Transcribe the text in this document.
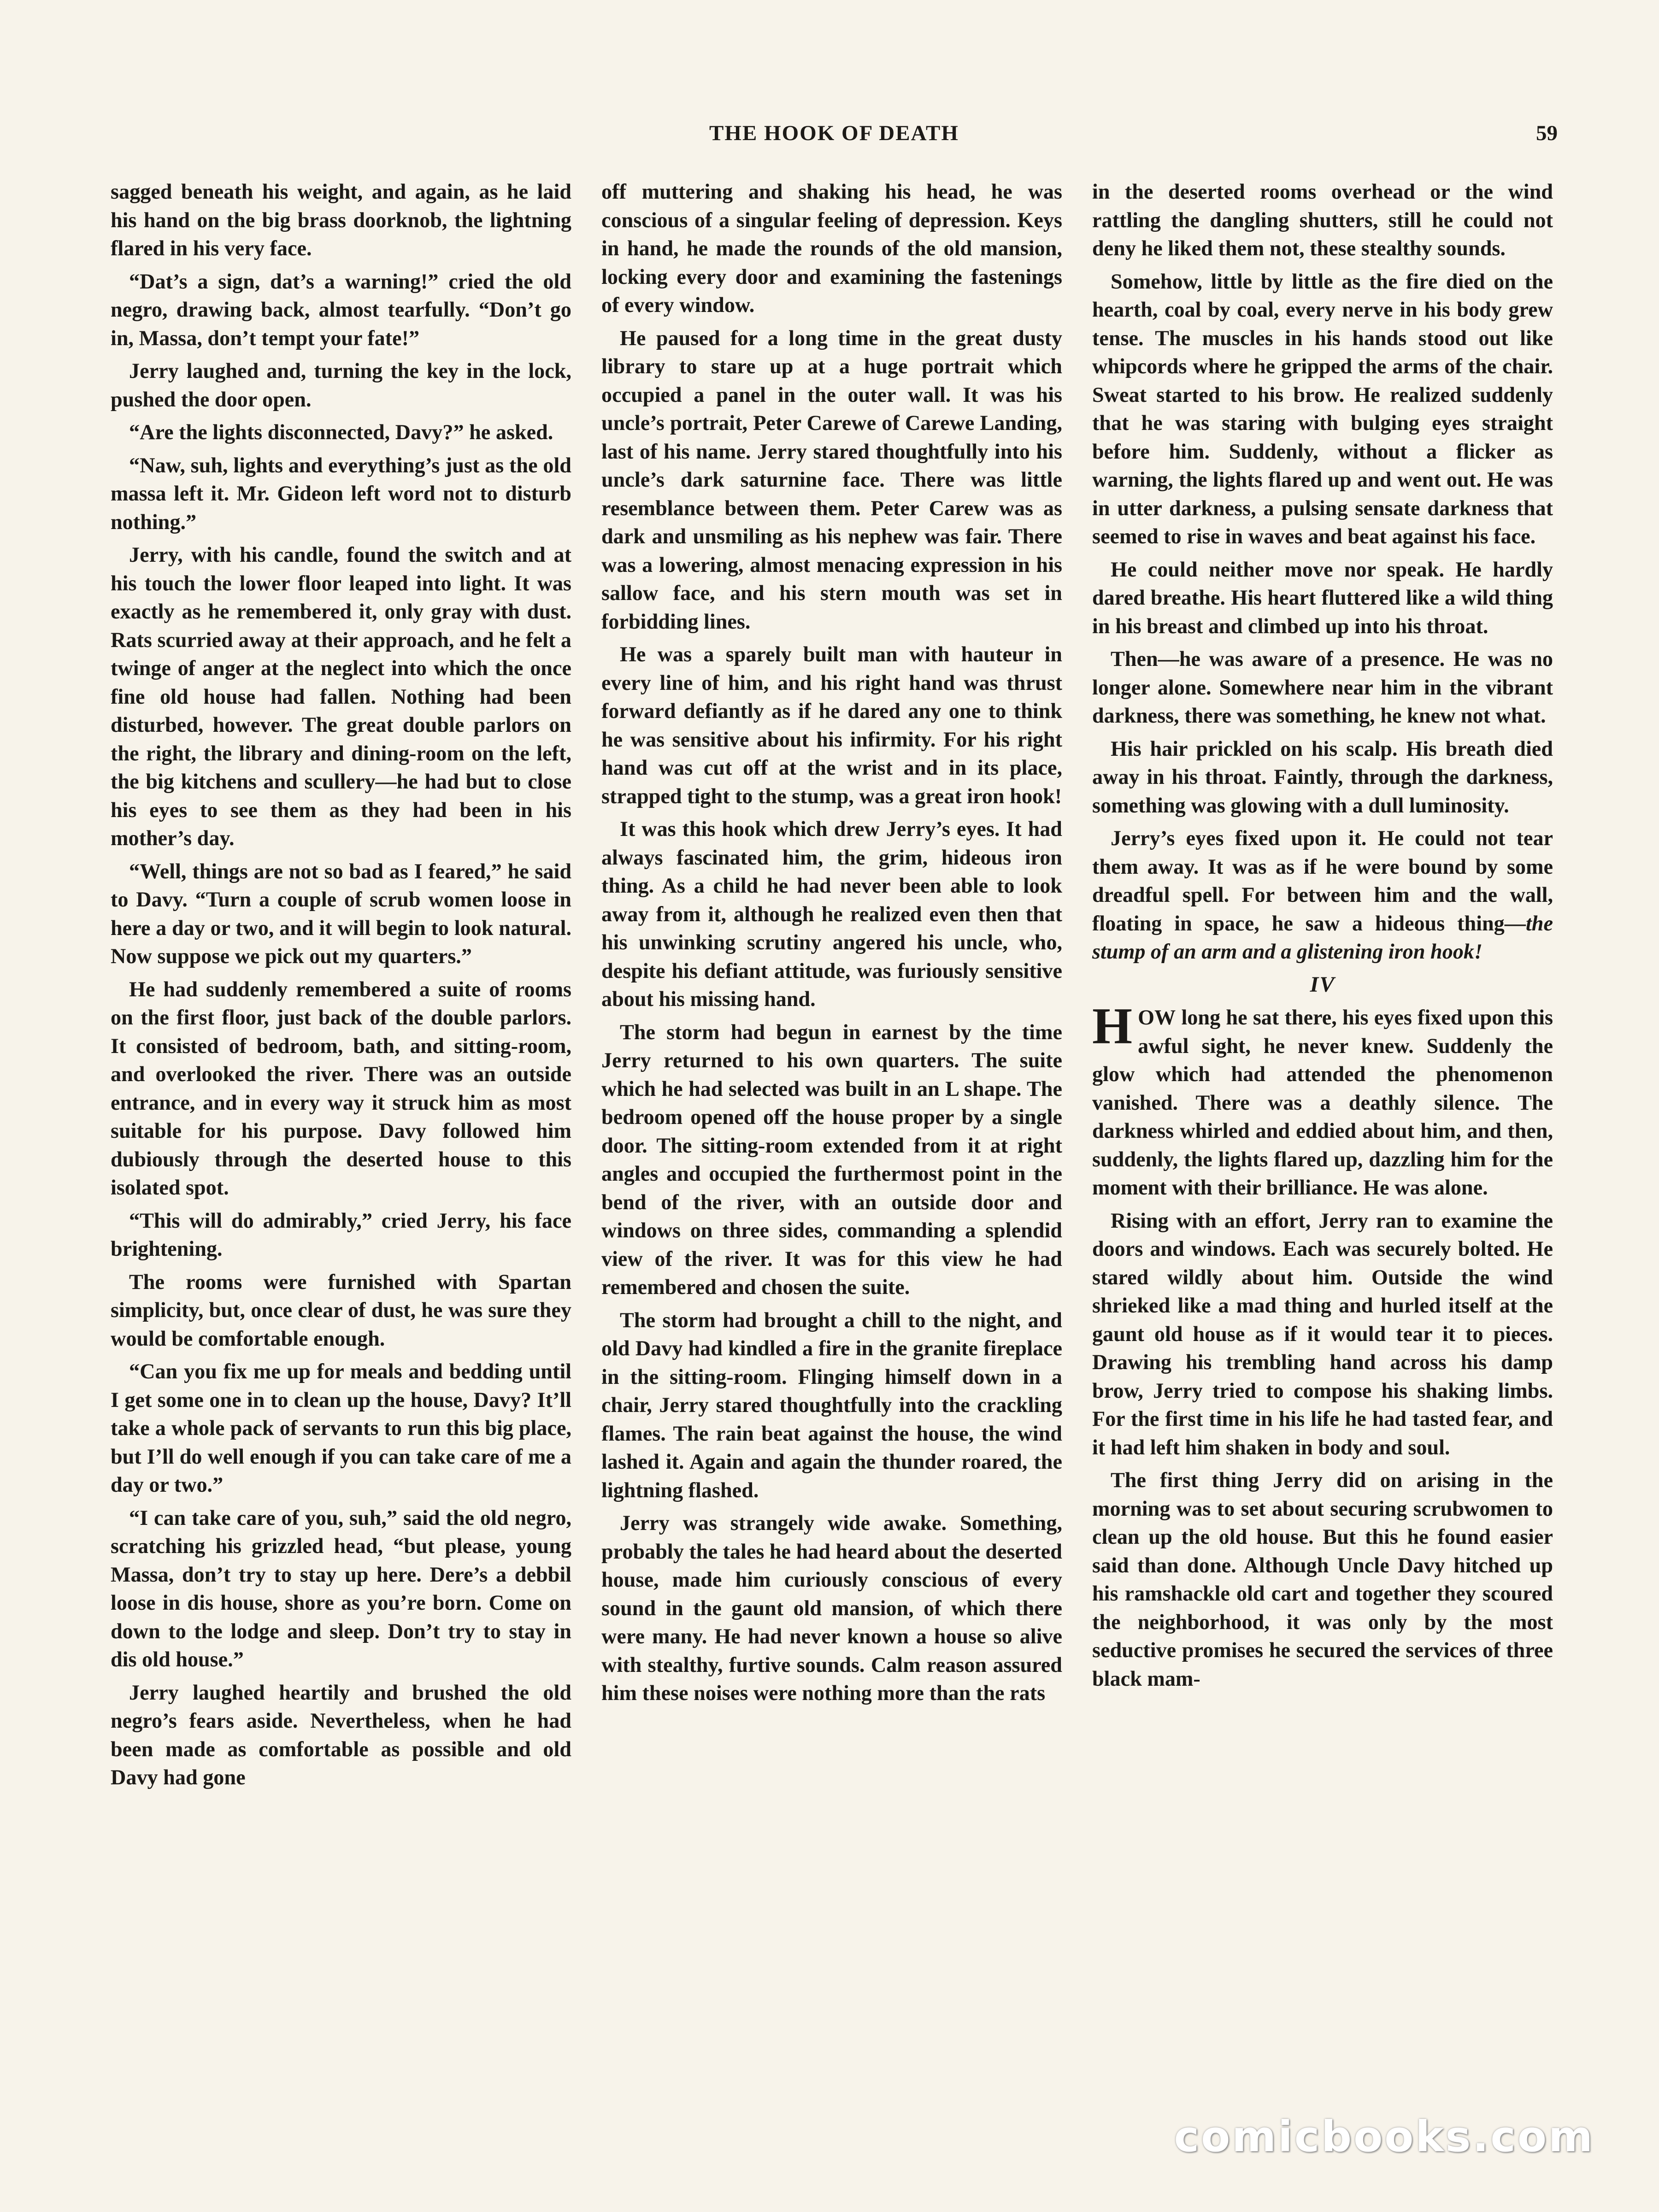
THE HOOK OF DEATH	59

sagged beneath his weight, and again, as he laid his hand on the big brass doorknob, the lightning flared in his very face.

“Dat’s a sign, dat’s a warning!” cried the old negro, drawing back, almost tearfully. “Don’t go in, Massa, don’t tempt your fate!”

Jerry laughed and, turning the key in the lock, pushed the door open.

“Are the lights disconnected, Davy?” he asked.

“Naw, suh, lights and everything’s just as the old massa left it. Mr. Gideon left word not to disturb nothing.”

Jerry, with his candle, found the switch and at his touch the lower floor leaped into light. It was exactly as he remembered it, only gray with dust. Rats scurried away at their approach, and he felt a twinge of anger at the neglect into which the once fine old house had fallen. Nothing had been disturbed, however. The great double parlors on the right, the library and dining-room on the left, the big kitchens and scullery—he had but to close his eyes to see them as they had been in his mother’s day.

“Well, things are not so bad as I feared,” he said to Davy. “Turn a couple of scrub women loose in here a day or two, and it will begin to look natural. Now suppose we pick out my quarters.”

He had suddenly remembered a suite of rooms on the first floor, just back of the double parlors. It consisted of bedroom, bath, and sitting-room, and overlooked the river. There was an outside entrance, and in every way it struck him as most suitable for his purpose. Davy followed him dubiously through the deserted house to this isolated spot.

“This will do admirably,” cried Jerry, his face brightening.

The rooms were furnished with Spartan simplicity, but, once clear of dust, he was sure they would be comfortable enough.

“Can you fix me up for meals and bedding until I get some one in to clean up the house, Davy? It’ll take a whole pack of servants to run this big place, but I’ll do well enough if you can take care of me a day or two.”

“I can take care of you, suh,” said the old negro, scratching his grizzled head, “but please, young Massa, don’t try to stay up here. Dere’s a debbil loose in dis house, shore as you’re born. Come on down to the lodge and sleep. Don’t try to stay in dis old house.”

Jerry laughed heartily and brushed the old negro’s fears aside. Nevertheless, when he had been made as comfortable as possible and old Davy had gone

off muttering and shaking his head, he was conscious of a singular feeling of depression. Keys in hand, he made the rounds of the old mansion, locking every door and examining the fastenings of every window.

He paused for a long time in the great dusty library to stare up at a huge portrait which occupied a panel in the outer wall. It was his uncle’s portrait, Peter Carewe of Carewe Landing, last of his name. Jerry stared thoughtfully into his uncle’s dark saturnine face. There was little resemblance between them. Peter Carew was as dark and unsmiling as his nephew was fair. There was a lowering, almost menacing expression in his sallow face, and his stern mouth was set in forbidding lines.

He was a sparely built man with hauteur in every line of him, and his right hand was thrust forward defiantly as if he dared any one to think he was sensitive about his infirmity. For his right hand was cut off at the wrist and in its place, strapped tight to the stump, was a great iron hook!

It was this hook which drew Jerry’s eyes. It had always fascinated him, the grim, hideous iron thing. As a child he had never been able to look away from it, although he realized even then that his unwinking scrutiny angered his uncle, who, despite his defiant attitude, was furiously sensitive about his missing hand.

The storm had begun in earnest by the time Jerry returned to his own quarters. The suite which he had selected was built in an L shape. The bedroom opened off the house proper by a single door. The sitting-room extended from it at right angles and occupied the furthermost point in the bend of the river, with an outside door and windows on three sides, commanding a splendid view of the river. It was for this view he had remembered and chosen the suite.

The storm had brought a chill to the night, and old Davy had kindled a fire in the granite fireplace in the sitting-room. Flinging himself down in a chair, Jerry stared thoughtfully into the crackling flames. The rain beat against the house, the wind lashed it. Again and again the thunder roared, the lightning flashed.

Jerry was strangely wide awake. Something, probably the tales he had heard about the deserted house, made him curiously conscious of every sound in the gaunt old mansion, of which there were many. He had never known a house so alive with stealthy, furtive sounds. Calm reason assured him these noises were nothing more than the rats

in the deserted rooms overhead or the wind rattling the dangling shutters, still he could not deny he liked them not, these stealthy sounds.

Somehow, little by little as the fire died on the hearth, coal by coal, every nerve in his body grew tense. The muscles in his hands stood out like whipcords where he gripped the arms of the chair. Sweat started to his brow. He realized suddenly that he was staring with bulging eyes straight before him. Suddenly, without a flicker as warning, the lights flared up and went out. He was in utter darkness, a pulsing sensate darkness that seemed to rise in waves and beat against his face.

He could neither move nor speak. He hardly dared breathe. His heart fluttered like a wild thing in his breast and climbed up into his throat.

Then—he was aware of a presence. He was no longer alone. Somewhere near him in the vibrant darkness, there was something, he knew not what.

His hair prickled on his scalp. His breath died away in his throat. Faintly, through the darkness, something was glowing with a dull luminosity.

Jerry’s eyes fixed upon it. He could not tear them away. It was as if he were bound by some dreadful spell. For between him and the wall, floating in space, he saw a hideous thing—the stump of an arm and a glistening iron hook!

IV

HOW long he sat there, his eyes fixed upon this awful sight, he never knew. Suddenly the glow which had attended the phenomenon vanished. There was a deathly silence. The darkness whirled and eddied about him, and then, suddenly, the lights flared up, dazzling him for the moment with their brilliance. He was alone.

Rising with an effort, Jerry ran to examine the doors and windows. Each was securely bolted. He stared wildly about him. Outside the wind shrieked like a mad thing and hurled itself at the gaunt old house as if it would tear it to pieces. Drawing his trembling hand across his damp brow, Jerry tried to compose his shaking limbs. For the first time in his life he had tasted fear, and it had left him shaken in body and soul.

The first thing Jerry did on arising in the morning was to set about securing scrubwomen to clean up the old house. But this he found easier said than done. Although Uncle Davy hitched up his ramshackle old cart and together they scoured the neighborhood, it was only by the most seductive promises he secured the services of three black mam-

comicbooks.com
